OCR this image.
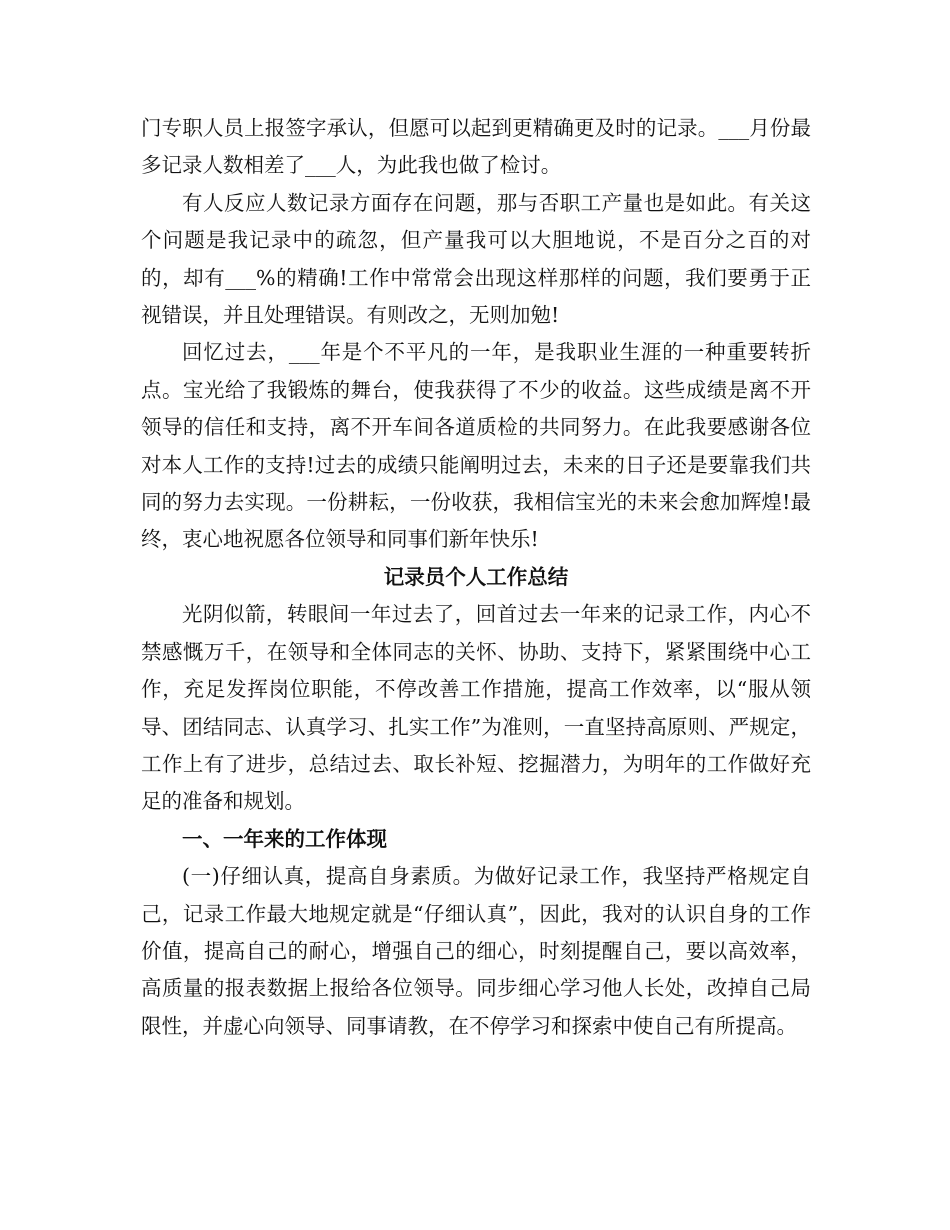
门专职人员上报签字承认，但愿可以起到更精确更及时的记录。___月份最多记录人数相差了___人，为此我也做了检讨。

有人反应人数记录方面存在问题，那与否职工产量也是如此。有关这个问题是我记录中的疏忽，但产量我可以大胆地说，不是百分之百的对的，却有___%的精确!工作中常常会出现这样那样的问题，我们要勇于正视错误，并且处理错误。有则改之，无则加勉!

回忆过去，___年是个不平凡的一年，是我职业生涯的一种重要转折点。宝光给了我锻炼的舞台，使我获得了不少的收益。这些成绩是离不开领导的信任和支持，离不开车间各道质检的共同努力。在此我要感谢各位对本人工作的支持!过去的成绩只能阐明过去，未来的日子还是要靠我们共同的努力去实现。一份耕耘，一份收获，我相信宝光的未来会愈加辉煌!最终，衷心地祝愿各位领导和同事们新年快乐!

记录员个人工作总结

光阴似箭，转眼间一年过去了，回首过去一年来的记录工作，内心不禁感慨万千，在领导和全体同志的关怀、协助、支持下，紧紧围绕中心工作，充足发挥岗位职能，不停改善工作措施，提高工作效率，以“服从领导、团结同志、认真学习、扎实工作”为准则，一直坚持高原则、严规定，工作上有了进步，总结过去、取长补短、挖掘潜力，为明年的工作做好充足的准备和规划。

一、一年来的工作体现

(一)仔细认真，提高自身素质。为做好记录工作，我坚持严格规定自己，记录工作最大地规定就是“仔细认真”，因此，我对的认识自身的工作价值，提高自己的耐心，增强自己的细心，时刻提醒自己，要以高效率，高质量的报表数据上报给各位领导。同步细心学习他人长处，改掉自己局限性，并虚心向领导、同事请教，在不停学习和探索中使自己有所提高。
